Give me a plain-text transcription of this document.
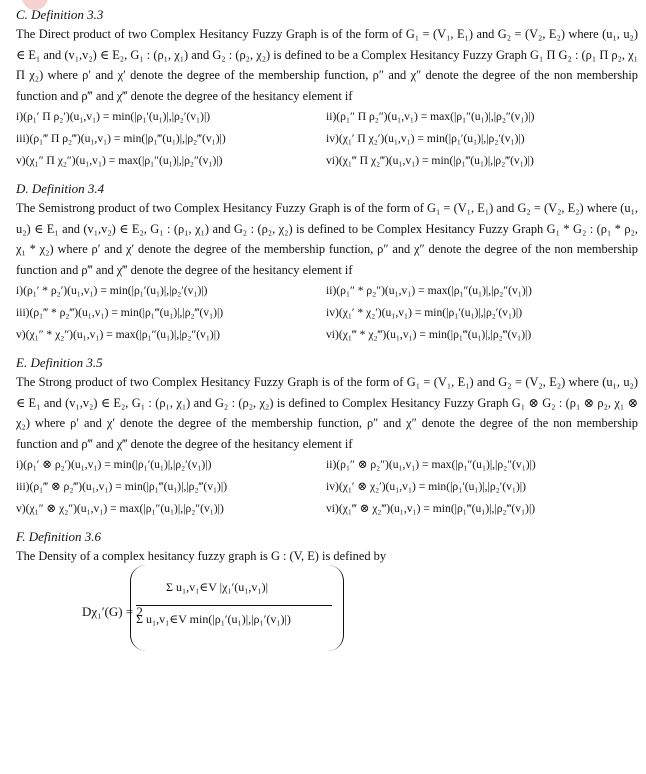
C. Definition 3.3
The Direct product of two Complex Hesitancy Fuzzy Graph is of the form of G₁ = (V₁, E₁) and G₂ = (V₂, E₂) where (u₁, u₂) ∈ E₁ and (v₁,v₂) ∈ E₂, G₁ : (ρ₁, χ₁) and G₂ : (ρ₂, χ₂) is defined to be a Complex Hesitancy Fuzzy Graph G₁ Π G₂ : (ρ₁ Π ρ₂, χ₁ Π χ₂) where ρ′ and χ′ denote the degree of the membership function, ρ″ and χ″ denote the degree of the non membership function and ρ‴ and χ‴ denote the degree of the hesitancy element if
i)(ρ₁′ Π ρ₂′)(u₁,v₁) = min(|ρ₁′(u₁)|,|ρ₂′(v₁)|)	ii)(ρ₁″ Π ρ₂″)(u₁,v₁) = max(|ρ₁″(u₁)|,|ρ₂″(v₁)|)
iii)(ρ₁‴ Π ρ₂‴)(u₁,v₁) = min(|ρ₁‴(u₁)|,|ρ₂‴(v₁)|)	iv)(χ₁′ Π χ₂′)(u₁,v₁) = min(|ρ₁′(u₁)|,|ρ₂′(v₁)|)
v)(χ₁″ Π χ₂″)(u₁,v₁) = max(|ρ₁″(u₁)|,|ρ₂″(v₁)|)	vi)(χ₁‴ Π χ₂‴)(u₁,v₁) = min(|ρ₁‴(u₁)|,|ρ₂‴(v₁)|)
D. Definition 3.4
The Semistrong product of two Complex Hesitancy Fuzzy Graph is of the form of G₁ = (V₁, E₁) and G₂ = (V₂, E₂) where (u₁, u₂) ∈ E₁ and (v₁,v₂) ∈ E₂, G₁ : (ρ₁, χ₁) and G₂ : (ρ₂, χ₂) is defined to be Complex Hesitancy Fuzzy Graph G₁ * G₂ : (ρ₁ * ρ₂, χ₁ * χ₂) where ρ′ and χ′ denote the degree of the membership function, ρ″ and χ″ denote the degree of the non membership function and ρ‴ and χ‴ denote the degree of the hesitancy element if
i)(ρ₁′ * ρ₂′)(u₁,v₁) = min(|ρ₁′(u₁)|,|ρ₂′(v₁)|)	ii)(ρ₁″ * ρ₂″)(u₁,v₁) = max(|ρ₁″(u₁)|,|ρ₂″(v₁)|)
iii)(ρ₁‴ * ρ₂‴)(u₁,v₁) = min(|ρ₁‴(u₁)|,|ρ₂‴(v₁)|)	iv)(χ₁′ * χ₂′)(u₁,v₁) = min(|ρ₁′(u₁)|,|ρ₂′(v₁)|)
v)(χ₁″ * χ₂″)(u₁,v₁) = max(|ρ₁″(u₁)|,|ρ₂″(v₁)|)	vi)(χ₁‴ * χ₂‴)(u₁,v₁) = min(|ρ₁‴(u₁)|,|ρ₂‴(v₁)|)
E. Definition 3.5
The Strong product of two Complex Hesitancy Fuzzy Graph is of the form of G₁ = (V₁, E₁) and G₂ = (V₂, E₂) where (u₁, u₂) ∈ E₁ and (v₁,v₂) ∈ E₂, G₁ : (ρ₁, χ₁) and G₂ : (ρ₂, χ₂) is defined to Complex Hesitancy Fuzzy Graph G₁ ⊗ G₂ : (ρ₁ ⊗ ρ₂, χ₁ ⊗ χ₂) where ρ′ and χ′ denote the degree of the membership function, ρ″ and χ″ denote the degree of the non membership function and ρ‴ and χ‴ denote the degree of the hesitancy element if
i)(ρ₁′ ⊗ ρ₂′)(u₁,v₁) = min(|ρ₁′(u₁)|,|ρ₂′(v₁)|)	ii)(ρ₁″ ⊗ ρ₂″)(u₁,v₁) = max(|ρ₁″(u₁)|,|ρ₂″(v₁)|)
iii)(ρ₁‴ ⊗ ρ₂‴)(u₁,v₁) = min(|ρ₁‴(u₁)|,|ρ₂‴(v₁)|)	iv)(χ₁′ ⊗ χ₂′)(u₁,v₁) = min(|ρ₁′(u₁)|,|ρ₂′(v₁)|)
v)(χ₁″ ⊗ χ₂″)(u₁,v₁) = max(|ρ₁″(u₁)|,|ρ₂″(v₁)|)	vi)(χ₁‴ ⊗ χ₂‴)(u₁,v₁) = min(|ρ₁‴(u₁)|,|ρ₂‴(v₁)|)
F. Definition 3.6
The Density of a complex hesitancy fuzzy graph is G : (V, E) is defined by
Dχ₁′(G) = 2
Σ u₁,v₁∈V |χ₁′(u₁,v₁)|
Σ u₁,v₁∈V min(|ρ₁′(u₁)|,|ρ₁′(v₁)|)
